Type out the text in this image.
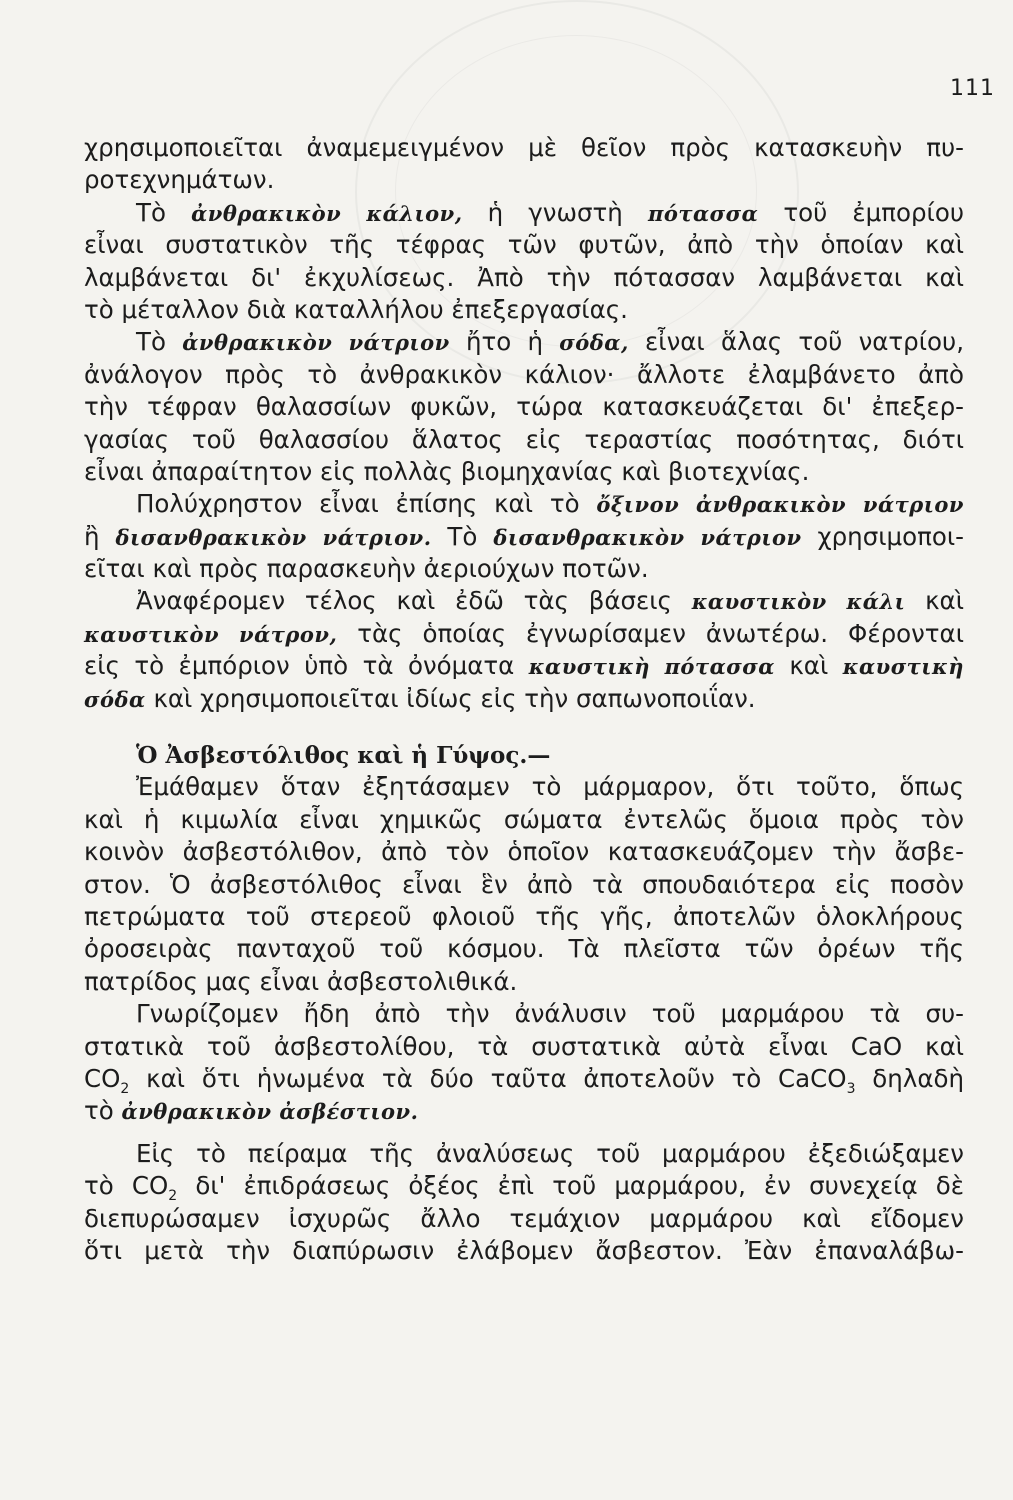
111
χρησιμοποιεῖται ἀναμεμειγμένον μὲ θεῖον πρὸς κατασκευὴν πυ-
ροτεχνημάτων.
Τὸ ἀνθρακικὸν κάλιον, ἡ γνωστὴ πότασσα τοῦ ἐμπορίου
εἶναι συστατικὸν τῆς τέφρας τῶν φυτῶν, ἀπὸ τὴν ὁποίαν καὶ
λαμβάνεται δι' ἐκχυλίσεως. Ἀπὸ τὴν πότασσαν λαμβάνεται καὶ
τὸ μέταλλον διὰ καταλλήλου ἐπεξεργασίας.
Τὸ ἀνθρακικὸν νάτριον ἤτο ἡ σόδα, εἶναι ἅλας τοῦ νατρίου,
ἀνάλογον πρὸς τὸ ἀνθρακικὸν κάλιον· ἄλλοτε ἐλαμβάνετο ἀπὸ
τὴν τέφραν θαλασσίων φυκῶν, τώρα κατασκευάζεται δι' ἐπεξερ-
γασίας τοῦ θαλασσίου ἅλατος εἰς τεραστίας ποσότητας, διότι
εἶναι ἀπαραίτητον εἰς πολλὰς βιομηχανίας καὶ βιοτεχνίας.
Πολύχρηστον εἶναι ἐπίσης καὶ τὸ ὄξινον ἀνθρακικὸν νάτριον
ἢ δισανθρακικὸν νάτριον. Τὸ δισανθρακικὸν νάτριον χρησιμοποι-
εῖται καὶ πρὸς παρασκευὴν ἀεριούχων ποτῶν.
Ἀναφέρομεν τέλος καὶ ἐδῶ τὰς βάσεις καυστικὸν κάλι καὶ
καυστικὸν νάτρον, τὰς ὁποίας ἐγνωρίσαμεν ἀνωτέρω. Φέρονται
εἰς τὸ ἐμπόριον ὑπὸ τὰ ὀνόματα καυστικὴ πότασσα καὶ καυστικὴ
σόδα καὶ χρησιμοποιεῖται ἰδίως εἰς τὴν σαπωνοποιΐαν.
Ὁ Ἀσβεστόλιθος καὶ ἡ Γύψος.—
Ἐμάθαμεν ὅταν ἐξητάσαμεν τὸ μάρμαρον, ὅτι τοῦτο, ὅπως
καὶ ἡ κιμωλία εἶναι χημικῶς σώματα ἐντελῶς ὅμοια πρὸς τὸν
κοινὸν ἀσβεστόλιθον, ἀπὸ τὸν ὁποῖον κατασκευάζομεν τὴν ἄσβε-
στον. Ὁ ἀσβεστόλιθος εἶναι ἓν ἀπὸ τὰ σπουδαιότερα εἰς ποσὸν
πετρώματα τοῦ στερεοῦ φλοιοῦ τῆς γῆς, ἀποτελῶν ὁλοκλήρους
ὀροσειρὰς πανταχοῦ τοῦ κόσμου. Τὰ πλεῖστα τῶν ὀρέων τῆς
πατρίδος μας εἶναι ἀσβεστολιθικά.
Γνωρίζομεν ἤδη ἀπὸ τὴν ἀνάλυσιν τοῦ μαρμάρου τὰ συ-
στατικὰ τοῦ ἀσβεστολίθου, τὰ συστατικὰ αὐτὰ εἶναι CaO καὶ
$CO_2$ καὶ ὅτι ἡνωμένα τὰ δύο ταῦτα ἀποτελοῦν τὸ CaCO$_3$ δηλαδὴ
τὸ ἀνθρακικὸν ἀσβέστιον.
Εἰς τὸ πείραμα τῆς ἀναλύσεως τοῦ μαρμάρου ἐξεδιώξαμεν
τὸ $CO_2$ δι' ἐπιδράσεως ὀξέος ἐπὶ τοῦ μαρμάρου, ἐν συνεχείᾳ δὲ
διεπυρώσαμεν ἰσχυρῶς ἄλλο τεμάχιον μαρμάρου καὶ εἴδομεν
ὅτι μετὰ τὴν διαπύρωσιν ἐλάβομεν ἄσβεστον. Ἐὰν ἐπαναλάβω-
